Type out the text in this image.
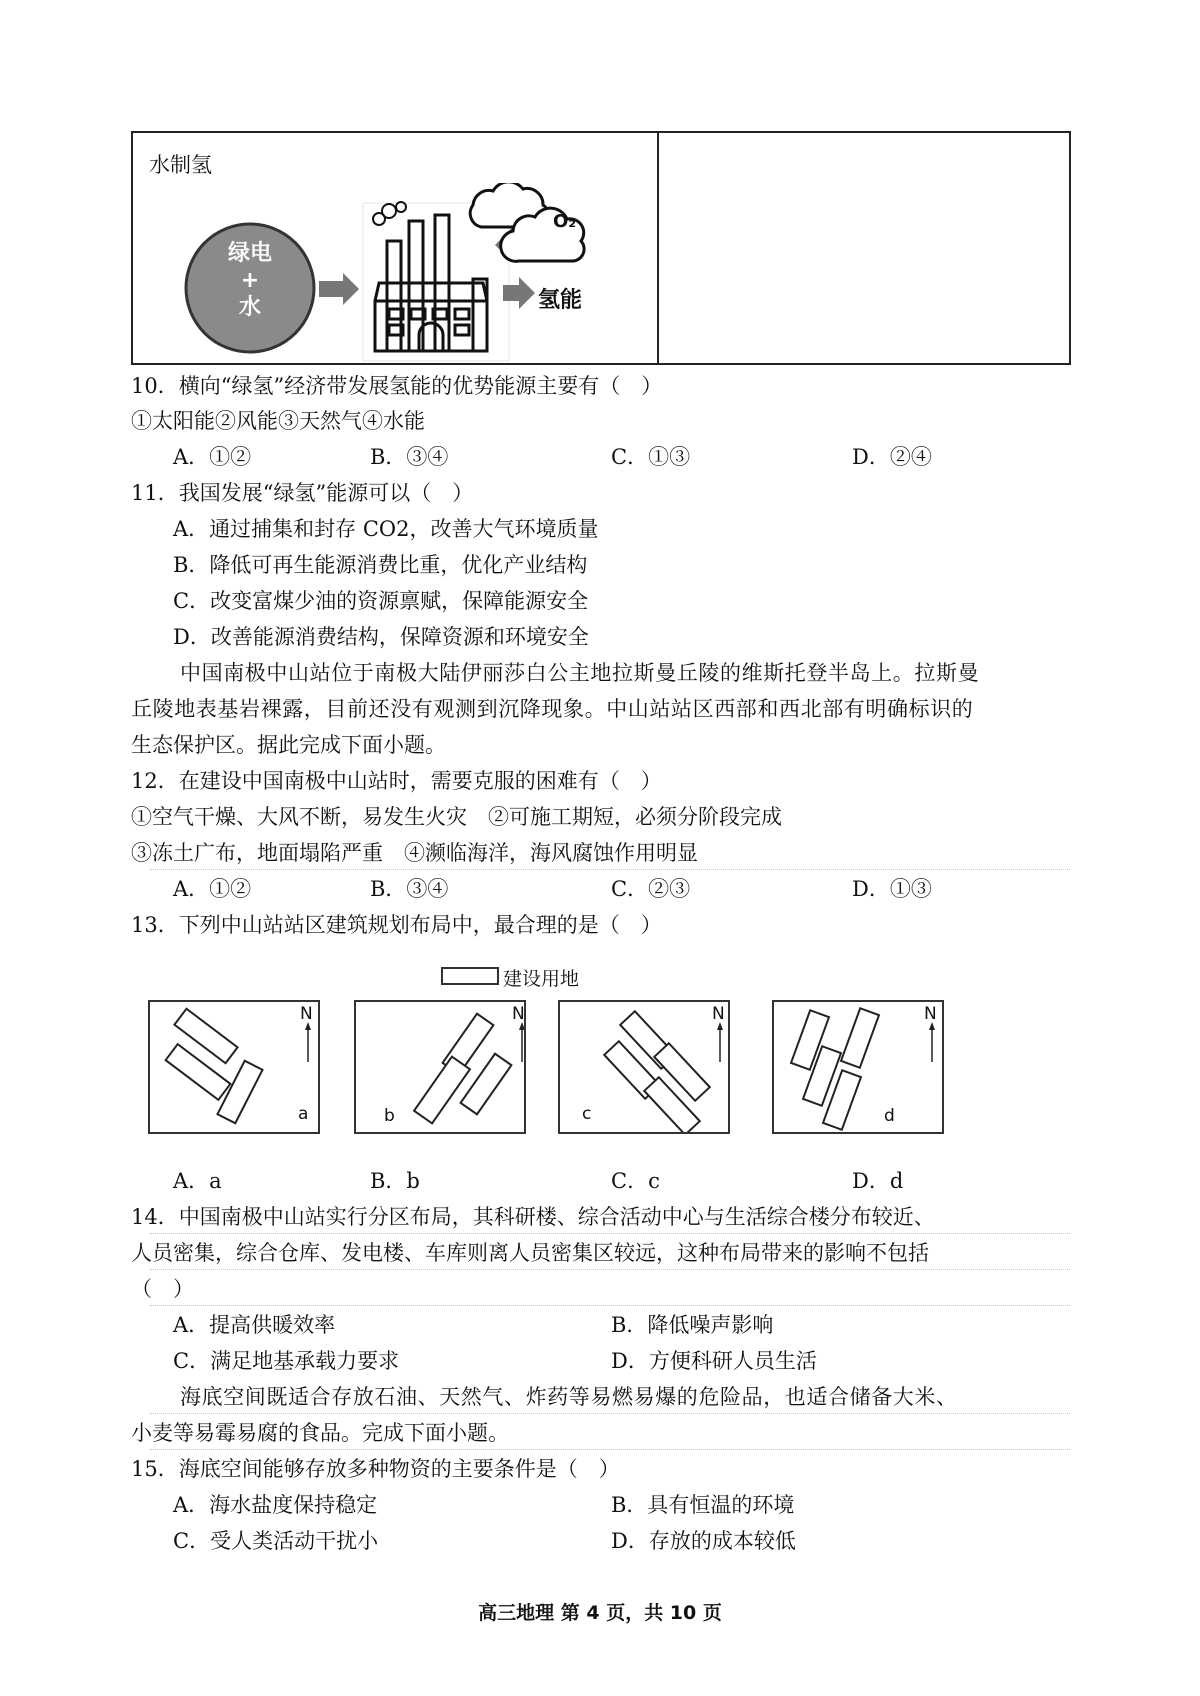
水制氢
绿电
+
水
O₂
氢能
10．横向“绿氢”经济带发展氢能的优势能源主要有（　）
①太阳能②风能③天然气④水能
A．①②	B．③④	C．①③	D．②④
11．我国发展“绿氢”能源可以（　）
A．通过捕集和封存 CO2，改善大气环境质量
B．降低可再生能源消费比重，优化产业结构
C．改变富煤少油的资源禀赋，保障能源安全
D．改善能源消费结构，保障资源和环境安全
中国南极中山站位于南极大陆伊丽莎白公主地拉斯曼丘陵的维斯托登半岛上。拉斯曼
丘陵地表基岩裸露，目前还没有观测到沉降现象。中山站站区西部和西北部有明确标识的
生态保护区。据此完成下面小题。
12．在建设中国南极中山站时，需要克服的困难有（　）
①空气干燥、大风不断，易发生火灾　②可施工期短，必须分阶段完成
③冻土广布，地面塌陷严重　④濒临海洋，海风腐蚀作用明显
A．①②	B．③④	C．②③	D．①③
13．下列中山站站区建筑规划布局中，最合理的是（　）
建设用地
N
a
N
b
N
c
N
d
A．a	B．b	C．c	D．d
14．中国南极中山站实行分区布局，其科研楼、综合活动中心与生活综合楼分布较近、
人员密集，综合仓库、发电楼、车库则离人员密集区较远，这种布局带来的影响不包括
（　）
A．提高供暖效率	B．降低噪声影响
C．满足地基承载力要求	D．方便科研人员生活
海底空间既适合存放石油、天然气、炸药等易燃易爆的危险品，也适合储备大米、
小麦等易霉易腐的食品。完成下面小题。
15．海底空间能够存放多种物资的主要条件是（　）
A．海水盐度保持稳定	B．具有恒温的环境
C．受人类活动干扰小	D．存放的成本较低
高三地理 第 4 页，共 10 页
